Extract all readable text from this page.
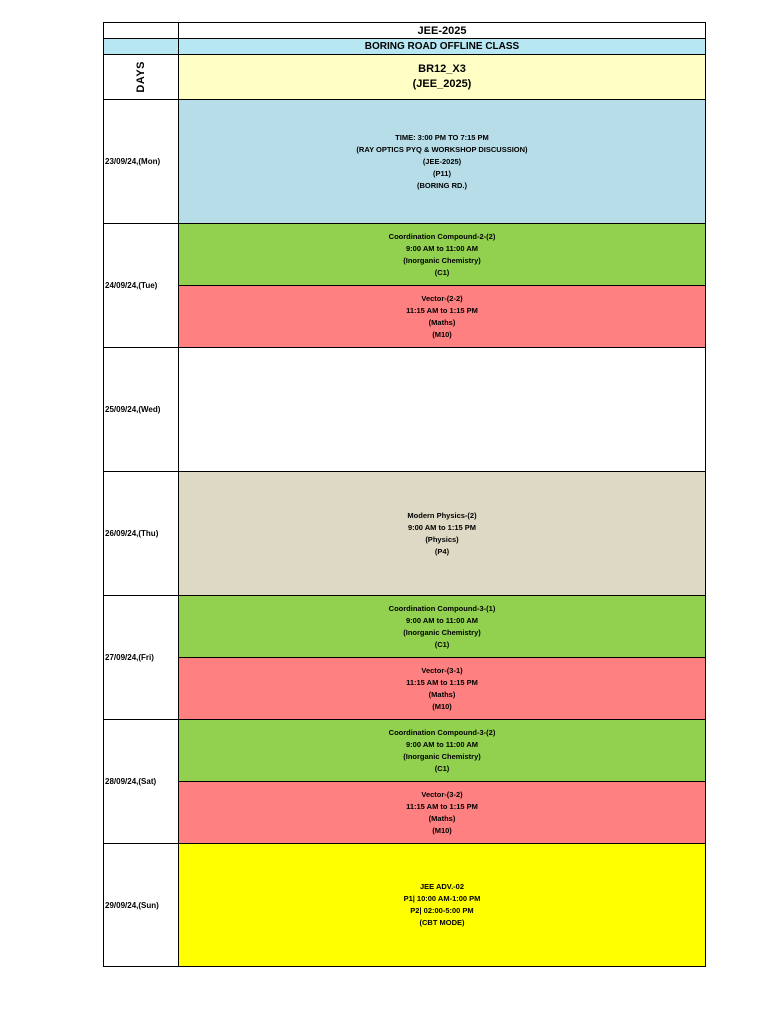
JEE-2025
BORING ROAD OFFLINE CLASS
DAYS	BR12_X3
(JEE_2025)
23/09/24,(Mon)
TIME: 3:00 PM TO 7:15 PM
(RAY OPTICS PYQ & WORKSHOP DISCUSSION)
(JEE-2025)
(P11)
(BORING RD.)
24/09/24,(Tue)
Coordination Compound-2-(2)
9:00 AM to 11:00 AM
(Inorganic Chemistry)
(C1)
Vector-(2-2)
11:15 AM to 1:15 PM
(Maths)
(M10)
25/09/24,(Wed)
26/09/24,(Thu)
Modern Physics-(2)
9:00 AM to 1:15 PM
(Physics)
(P4)
27/09/24,(Fri)
Coordination Compound-3-(1)
9:00 AM to 11:00 AM
(Inorganic Chemistry)
(C1)
Vector-(3-1)
11:15 AM to 1:15 PM
(Maths)
(M10)
28/09/24,(Sat)
Coordination Compound-3-(2)
9:00 AM to 11:00 AM
(Inorganic Chemistry)
(C1)
Vector-(3-2)
11:15 AM to 1:15 PM
(Maths)
(M10)
29/09/24,(Sun)
JEE ADV.-02
P1| 10:00 AM-1:00 PM
P2| 02:00-5:00 PM
(CBT MODE)
